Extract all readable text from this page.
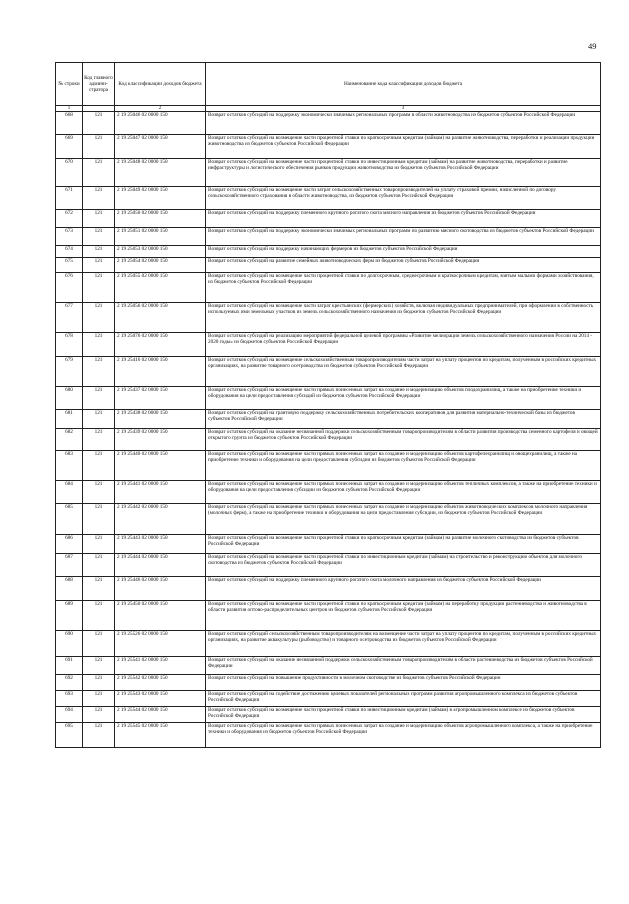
49
№ строки	Код главного админи-стратора	Код классификации доходов бюджета	Наименование кода классификации доходов бюджета
1		2	3
668	121	2 19 25046 02 0000 150	Возврат остатков субсидий на поддержку экономически значимых региональных программ в области животноводства из бюджетов субъектов Российской Федерации
669	121	2 19 25047 02 0000 150	Возврат остатков субсидий на возмещение части процентной ставки по краткосрочным кредитам (займам) на развитие животноводства, переработки и реализации продукции животноводства из бюджетов субъектов Российской Федерации
670	121	2 19 25048 02 0000 150	Возврат остатков субсидий на возмещение части процентной ставки по инвестиционным кредитам (займам) на развитие животноводства, переработки и развитие инфраструктуры и логистического обеспечения рынков продукции животноводства из бюджетов субъектов Российской Федерации
671	121	2 19 25049 02 0000 150	Возврат остатков субсидий на возмещение части затрат сельскохозяйственных товаропроизводителей на уплату страховой премии, начисленной по договору сельскохозяйственного страхования в области животноводства, из бюджетов субъектов Российской Федерации
672	121	2 19 25050 02 0000 150	Возврат остатков субсидий на поддержку племенного крупного рогатого скота мясного направления из бюджетов субъектов Российской Федерации
673	121	2 19 25051 02 0000 150	Возврат остатков субсидий на поддержку экономически значимых региональных программ по развитию мясного скотоводства из бюджетов субъектов Российской Федерации
674	121	2 19 25053 02 0000 150	Возврат остатков субсидий на поддержку начинающих фермеров из бюджетов субъектов Российской Федерации
675	121	2 19 25054 02 0000 150	Возврат остатков субсидий на развитие семейных животноводческих ферм из бюджетов субъектов Российской Федерации
676	121	2 19 25055 02 0000 150	Возврат остатков субсидий на возмещение части процентной ставки по долгосрочным, среднесрочным и краткосрочным кредитам, взятым малыми формами хозяйствования, из бюджетов субъектов Российской Федерации
677	121	2 19 25056 02 0000 150	Возврат остатков субсидий на возмещение части затрат крестьянских (фермерских) хозяйств, включая индивидуальных предпринимателей, при оформлении в собственность используемых ими земельных участков из земель сельскохозяйственного назначения из бюджетов субъектов Российской Федерации
678	121	2 19 25076 02 0000 150	Возврат остатков субсидий на реализацию мероприятий федеральной целевой программы «Развитие мелиорации земель сельскохозяйственного назначения России на 2014 - 2020 годы» из бюджетов субъектов Российской Федерации
679	121	2 19 25416 02 0000 150	Возврат остатков субсидий на возмещение сельскохозяйственным товаропроизводителям части затрат на уплату процентов по кредитам, полученным в российских кредитных организациях, на развитие товарного осетроводства из бюджетов субъектов Российской Федерации
680	121	2 19 25437 02 0000 150	Возврат остатков субсидий на возмещение части прямых понесенных затрат на создание и модернизацию объектов плодохранилищ, а также на приобретение техники и оборудования на цели предоставления субсидий из бюджетов субъектов Российской Федерации
681	121	2 19 25438 02 0000 150	Возврат остатков субсидий на грантовую поддержку сельскохозяйственных потребительских кооперативов для развития материально-технической базы из бюджетов субъектов Российской Федерации
682	121	2 19 25439 02 0000 150	Возврат остатков субсидий на оказание несвязанной поддержки сельскохозяйственным товаропроизводителям в области развития производства семенного картофеля и овощей открытого грунта из бюджетов субъектов Российской Федерации
683	121	2 19 25440 02 0000 150	Возврат остатков субсидий на возмещение части прямых понесенных затрат на создание и модернизацию объектов картофелехранилищ и овощехранилищ, а также на приобретение техники и оборудования на цели предоставления субсидии из бюджетов субъектов Российской Федерации
684	121	2 19 25441 02 0000 150	Возврат остатков субсидий на возмещение части прямых понесенных затрат на создание и модернизацию объектов тепличных комплексов, а также на приобретение техники и оборудования на цели предоставления субсидии из бюджетов субъектов Российской Федерации
685	121	2 19 25442 02 0000 150	Возврат остатков субсидий на возмещение части прямых понесенных затрат на создание и модернизацию объектов животноводческих комплексов молочного направления (молочных ферм), а также на приобретение техники и оборудования на цели предоставления субсидии, из бюджетов субъектов Российской Федерации
686	121	2 19 25443 02 0000 150	Возврат остатков субсидий на возмещение части процентной ставки по краткосрочным кредитам (займам) на развитие молочного скотоводства из бюджетов субъектов Российской Федерации
687	121	2 19 25444 02 0000 150	Возврат остатков субсидий на возмещение части процентной ставки по инвестиционным кредитам (займам) на строительство и реконструкцию объектов для молочного скотоводства из бюджетов субъектов Российской Федерации
688	121	2 19 25446 02 0000 150	Возврат остатков субсидий на поддержку племенного крупного рогатого скота молочного направления из бюджетов субъектов Российской Федерации
689	121	2 19 25450 02 0000 150	Возврат остатков субсидий на возмещение части процентной ставки по краткосрочным кредитам (займам) на переработку продукции растениеводства и животноводства в области развития оптово-распределительных центров из бюджетов субъектов Российской Федерации
690	121	2 19 25526 02 0000 150	Возврат остатков субсидий сельскохозяйственным товаропроизводителям на возмещение части затрат на уплату процентов по кредитам, полученным в российских кредитных организациях, на развитие аквакультуры (рыбоводство) и товарного осетроводства из бюджетов субъектов Российской Федерации
691	121	2 19 25541 02 0000 150	Возврат остатков субсидий на оказание несвязанной поддержки сельскохозяйственным товаропроизводителям в области растениеводства из бюджетов субъектов Российской Федерации
692	121	2 19 25542 02 0000 150	Возврат остатков субсидий на повышение продуктивности в молочном скотоводстве из бюджетов субъектов Российской Федерации
693	121	2 19 25543 02 0000 150	Возврат остатков субсидий на содействие достижению целевых показателей региональных программ развития агропромышленного комплекса из бюджетов субъектов Российской Федерации
694	121	2 19 25544 02 0000 150	Возврат остатков субсидий на возмещение части процентной ставки по инвестиционным кредитам (займам) в агропромышленном комплексе из бюджетов субъектов Российской Федерации
695	121	2 19 25545 02 0000 150	Возврат остатков субсидий на возмещение части прямых понесенных затрат на создание и модернизацию объектов агропромышленного комплекса, а также на приобретение техники и оборудования из бюджетов субъектов Российской Федерации
